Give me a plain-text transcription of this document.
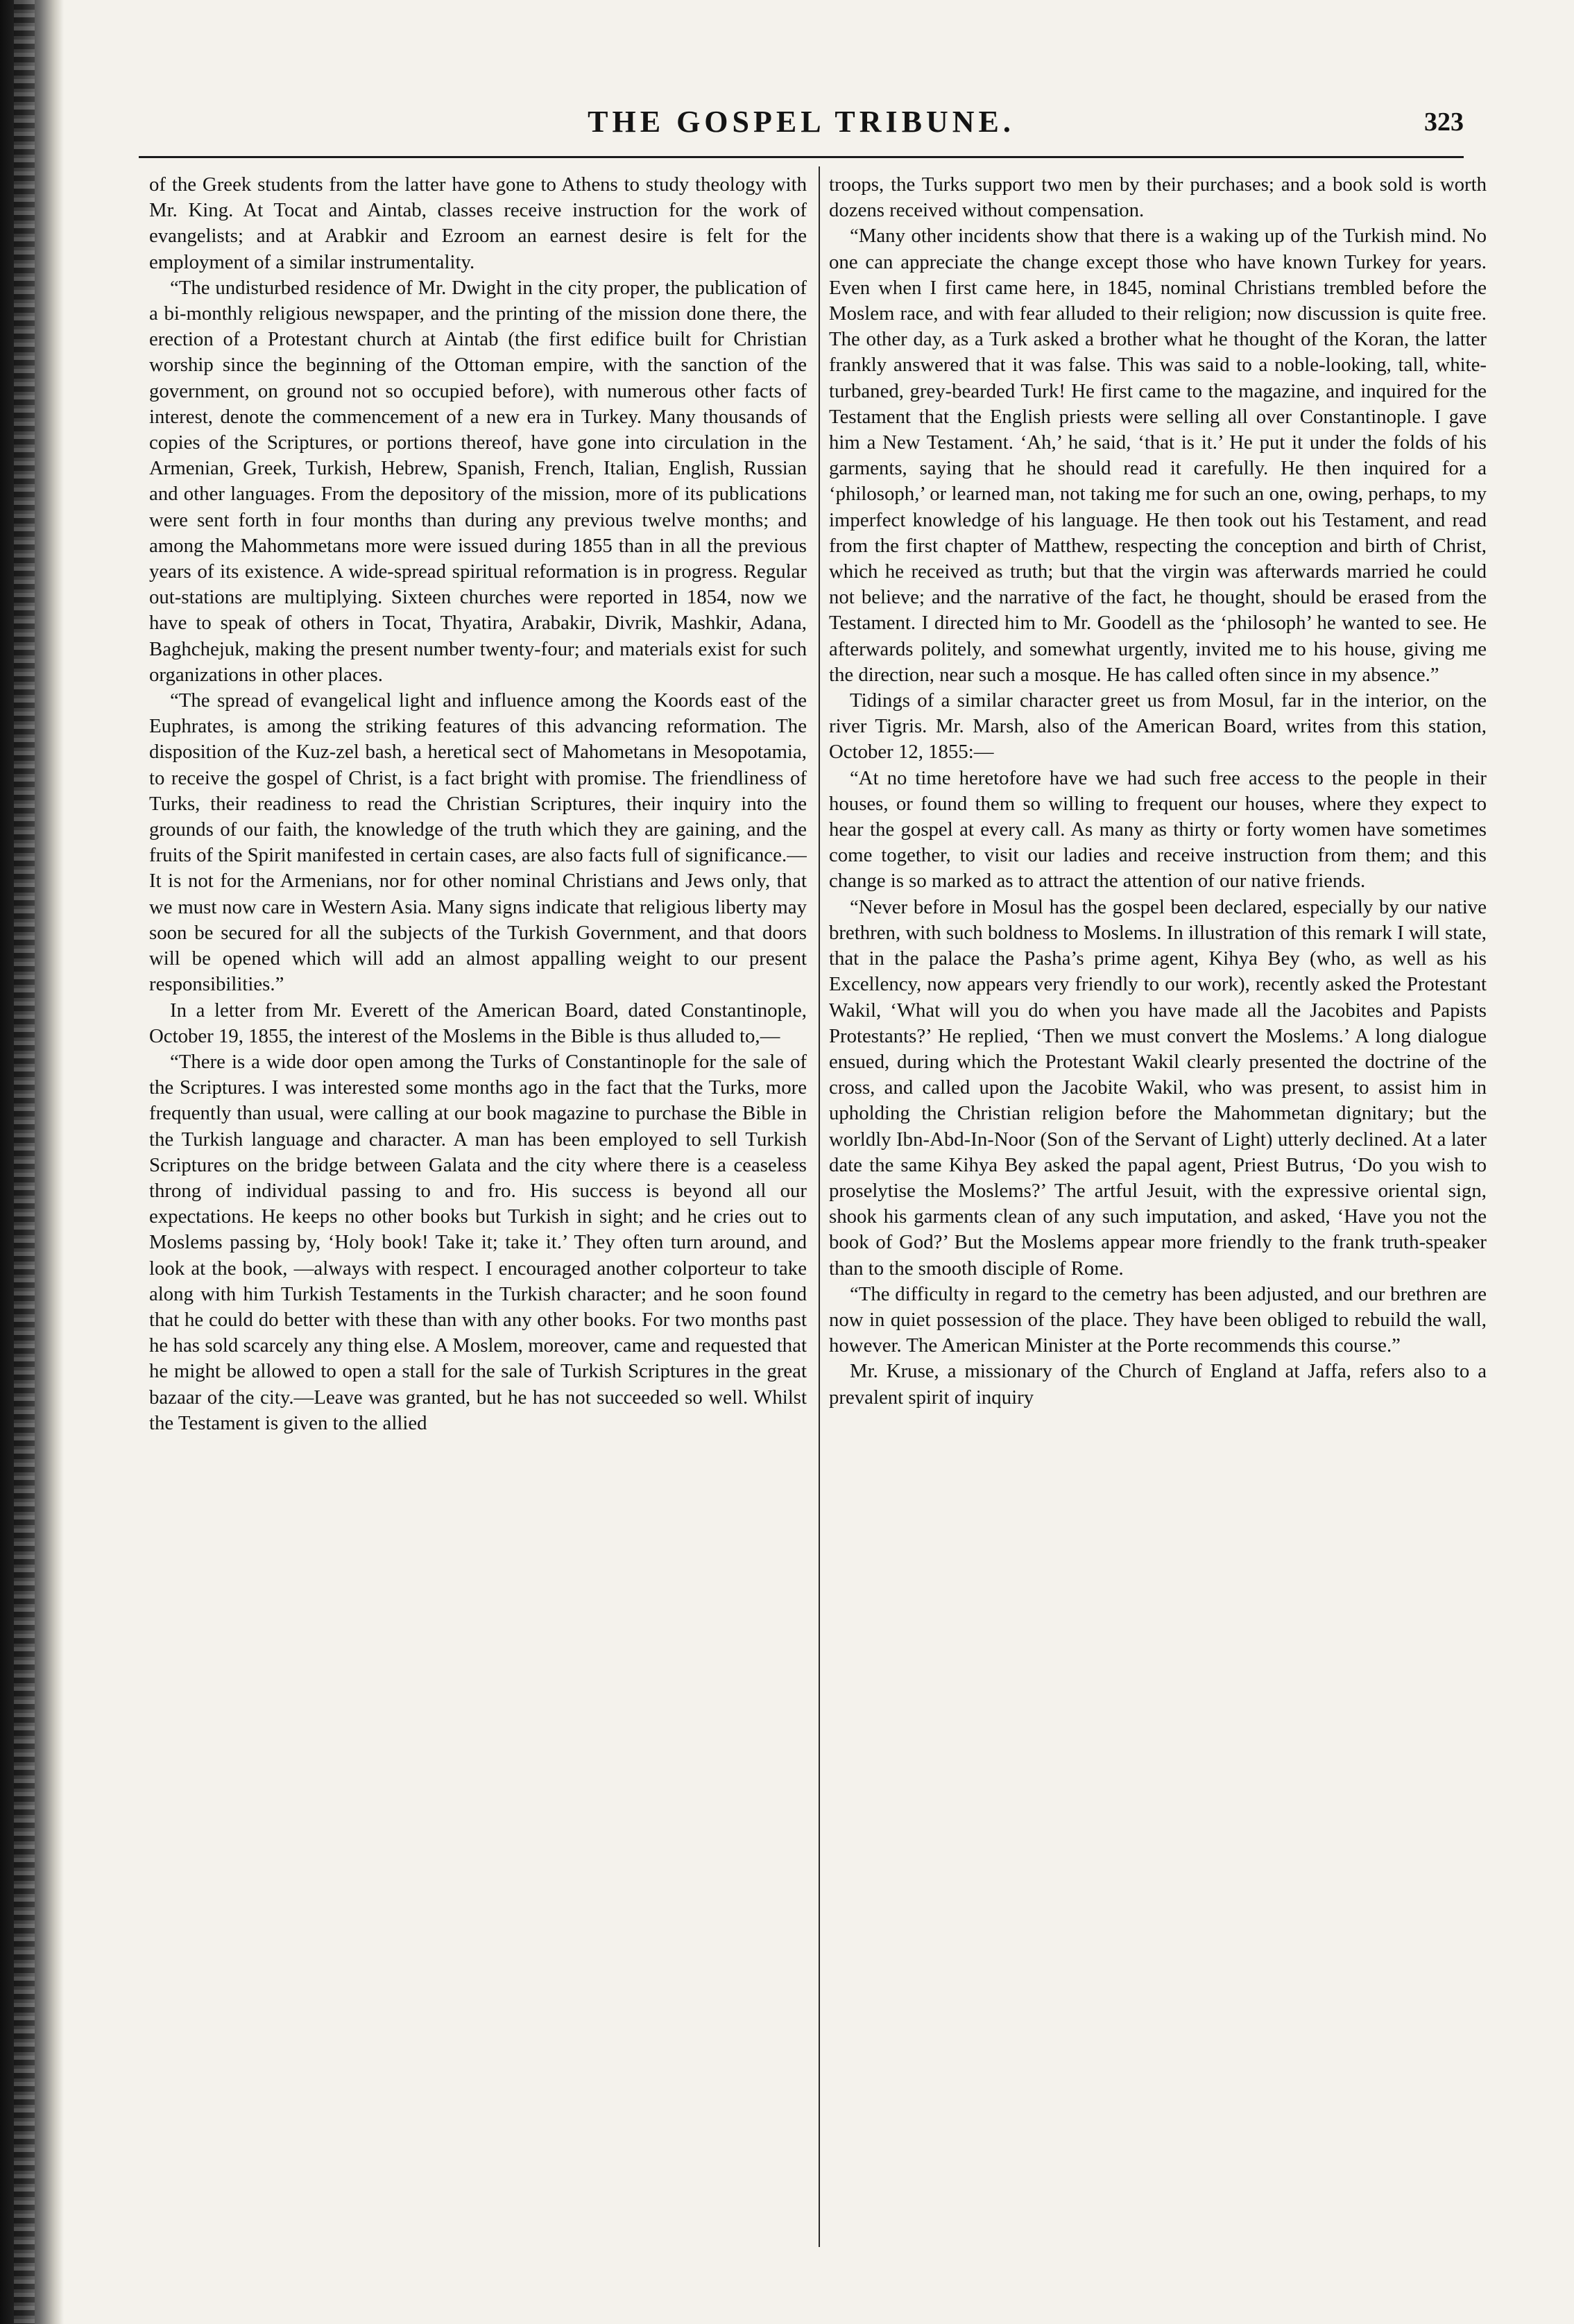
THE GOSPEL TRIBUNE.	323

of the Greek students from the latter have gone to Athens to study theology with Mr. King. At Tocat and Aintab, classes receive instruction for the work of evangelists; and at Arabkir and Ezroom an earnest desire is felt for the employment of a similar instrumentality.

“The undisturbed residence of Mr. Dwight in the city proper, the publication of a bi-monthly religious newspaper, and the printing of the mission done there, the erection of a Protestant church at Aintab (the first edifice built for Christian worship since the beginning of the Ottoman empire, with the sanction of the government, on ground not so occupied before), with numerous other facts of interest, denote the commencement of a new era in Turkey. Many thousands of copies of the Scriptures, or portions thereof, have gone into circulation in the Armenian, Greek, Turkish, Hebrew, Spanish, French, Italian, English, Russian and other languages. From the depository of the mission, more of its publications were sent forth in four months than during any previous twelve months; and among the Mahommetans more were issued during 1855 than in all the previous years of its existence. A wide-spread spiritual reformation is in progress. Regular out-stations are multiplying. Sixteen churches were reported in 1854, now we have to speak of others in Tocat, Thyatira, Arabakir, Divrik, Mashkir, Adana, Baghchejuk, making the present number twenty-four; and materials exist for such organizations in other places.

“The spread of evangelical light and influence among the Koords east of the Euphrates, is among the striking features of this advancing reformation. The disposition of the Kuz-zel bash, a heretical sect of Mahometans in Mesopotamia, to receive the gospel of Christ, is a fact bright with promise. The friendliness of Turks, their readiness to read the Christian Scriptures, their inquiry into the grounds of our faith, the knowledge of the truth which they are gaining, and the fruits of the Spirit manifested in certain cases, are also facts full of significance.—It is not for the Armenians, nor for other nominal Christians and Jews only, that we must now care in Western Asia. Many signs indicate that religious liberty may soon be secured for all the subjects of the Turkish Government, and that doors will be opened which will add an almost appalling weight to our present responsibilities.”

In a letter from Mr. Everett of the American Board, dated Constantinople, October 19, 1855, the interest of the Moslems in the Bible is thus alluded to,—

“There is a wide door open among the Turks of Constantinople for the sale of the Scriptures. I was interested some months ago in the fact that the Turks, more frequently than usual, were calling at our book magazine to purchase the Bible in the Turkish language and character. A man has been employed to sell Turkish Scriptures on the bridge between Galata and the city where there is a ceaseless throng of individual passing to and fro. His success is beyond all our expectations. He keeps no other books but Turkish in sight; and he cries out to Moslems passing by, ‘Holy book! Take it; take it.’ They often turn around, and look at the book, —always with respect. I encouraged another colporteur to take along with him Turkish Testaments in the Turkish character; and he soon found that he could do better with these than with any other books. For two months past he has sold scarcely any thing else. A Moslem, moreover, came and requested that he might be allowed to open a stall for the sale of Turkish Scriptures in the great bazaar of the city.—Leave was granted, but he has not succeeded so well. Whilst the Testament is given to the allied

troops, the Turks support two men by their purchases; and a book sold is worth dozens received without compensation.

“Many other incidents show that there is a waking up of the Turkish mind. No one can appreciate the change except those who have known Turkey for years. Even when I first came here, in 1845, nominal Christians trembled before the Moslem race, and with fear alluded to their religion; now discussion is quite free. The other day, as a Turk asked a brother what he thought of the Koran, the latter frankly answered that it was false. This was said to a noble-looking, tall, white-turbaned, grey-bearded Turk! He first came to the magazine, and inquired for the Testament that the English priests were selling all over Constantinople. I gave him a New Testament. ‘Ah,’ he said, ‘that is it.’ He put it under the folds of his garments, saying that he should read it carefully. He then inquired for a ‘philosoph,’ or learned man, not taking me for such an one, owing, perhaps, to my imperfect knowledge of his language. He then took out his Testament, and read from the first chapter of Matthew, respecting the conception and birth of Christ, which he received as truth; but that the virgin was afterwards married he could not believe; and the narrative of the fact, he thought, should be erased from the Testament. I directed him to Mr. Goodell as the ‘philosoph’ he wanted to see. He afterwards politely, and somewhat urgently, invited me to his house, giving me the direction, near such a mosque. He has called often since in my absence.”

Tidings of a similar character greet us from Mosul, far in the interior, on the river Tigris. Mr. Marsh, also of the American Board, writes from this station, October 12, 1855:—

“At no time heretofore have we had such free access to the people in their houses, or found them so willing to frequent our houses, where they expect to hear the gospel at every call. As many as thirty or forty women have sometimes come together, to visit our ladies and receive instruction from them; and this change is so marked as to attract the attention of our native friends.

“Never before in Mosul has the gospel been declared, especially by our native brethren, with such boldness to Moslems. In illustration of this remark I will state, that in the palace the Pasha’s prime agent, Kihya Bey (who, as well as his Excellency, now appears very friendly to our work), recently asked the Protestant Wakil, ‘What will you do when you have made all the Jacobites and Papists Protestants?’ He replied, ‘Then we must convert the Moslems.’ A long dialogue ensued, during which the Protestant Wakil clearly presented the doctrine of the cross, and called upon the Jacobite Wakil, who was present, to assist him in upholding the Christian religion before the Mahommetan dignitary; but the worldly Ibn-Abd-In-Noor (Son of the Servant of Light) utterly declined. At a later date the same Kihya Bey asked the papal agent, Priest Butrus, ‘Do you wish to proselytise the Moslems?’ The artful Jesuit, with the expressive oriental sign, shook his garments clean of any such imputation, and asked, ‘Have you not the book of God?’ But the Moslems appear more friendly to the frank truth-speaker than to the smooth disciple of Rome.

“The difficulty in regard to the cemetry has been adjusted, and our brethren are now in quiet possession of the place. They have been obliged to rebuild the wall, however. The American Minister at the Porte recommends this course.”

Mr. Kruse, a missionary of the Church of England at Jaffa, refers also to a prevalent spirit of inquiry
